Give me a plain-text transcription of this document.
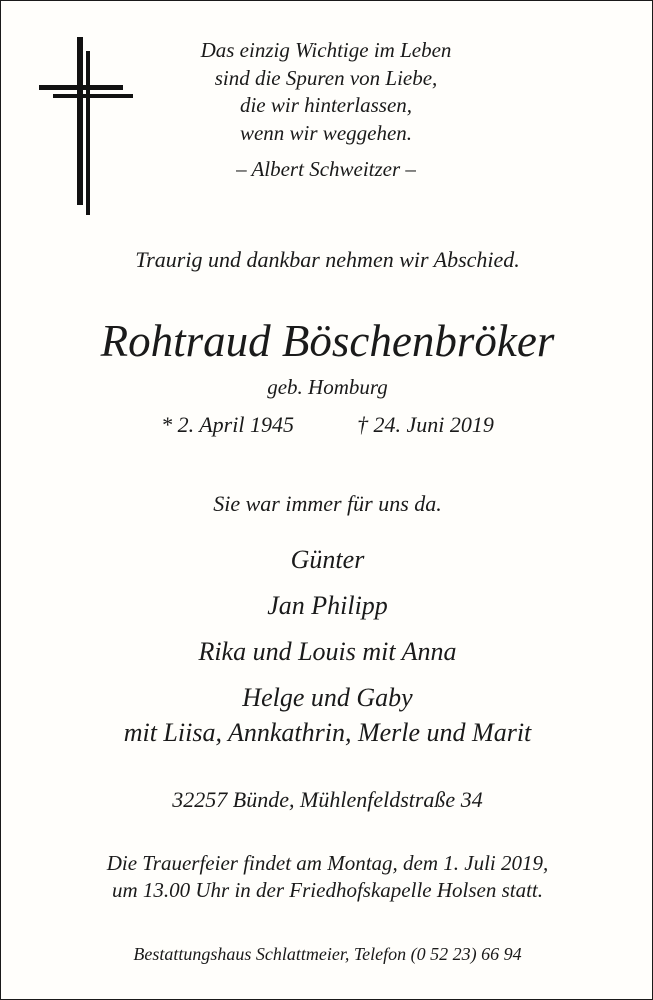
Das einzig Wichtige im Leben
sind die Spuren von Liebe,
die wir hinterlassen,
wenn wir weggehen.
– Albert Schweitzer –

Traurig und dankbar nehmen wir Abschied.

Rohtraud Böschenbröker

geb. Homburg

* 2. April 1945	† 24. Juni 2019

Sie war immer für uns da.

Günter

Jan Philipp

Rika und Louis mit Anna

Helge und Gaby

mit Liisa, Annkathrin, Merle und Marit

32257 Bünde, Mühlenfeldstraße 34

Die Trauerfeier findet am Montag, dem 1. Juli 2019,

um 13.00 Uhr in der Friedhofskapelle Holsen statt.

Bestattungshaus Schlattmeier, Telefon (0 52 23) 66 94
